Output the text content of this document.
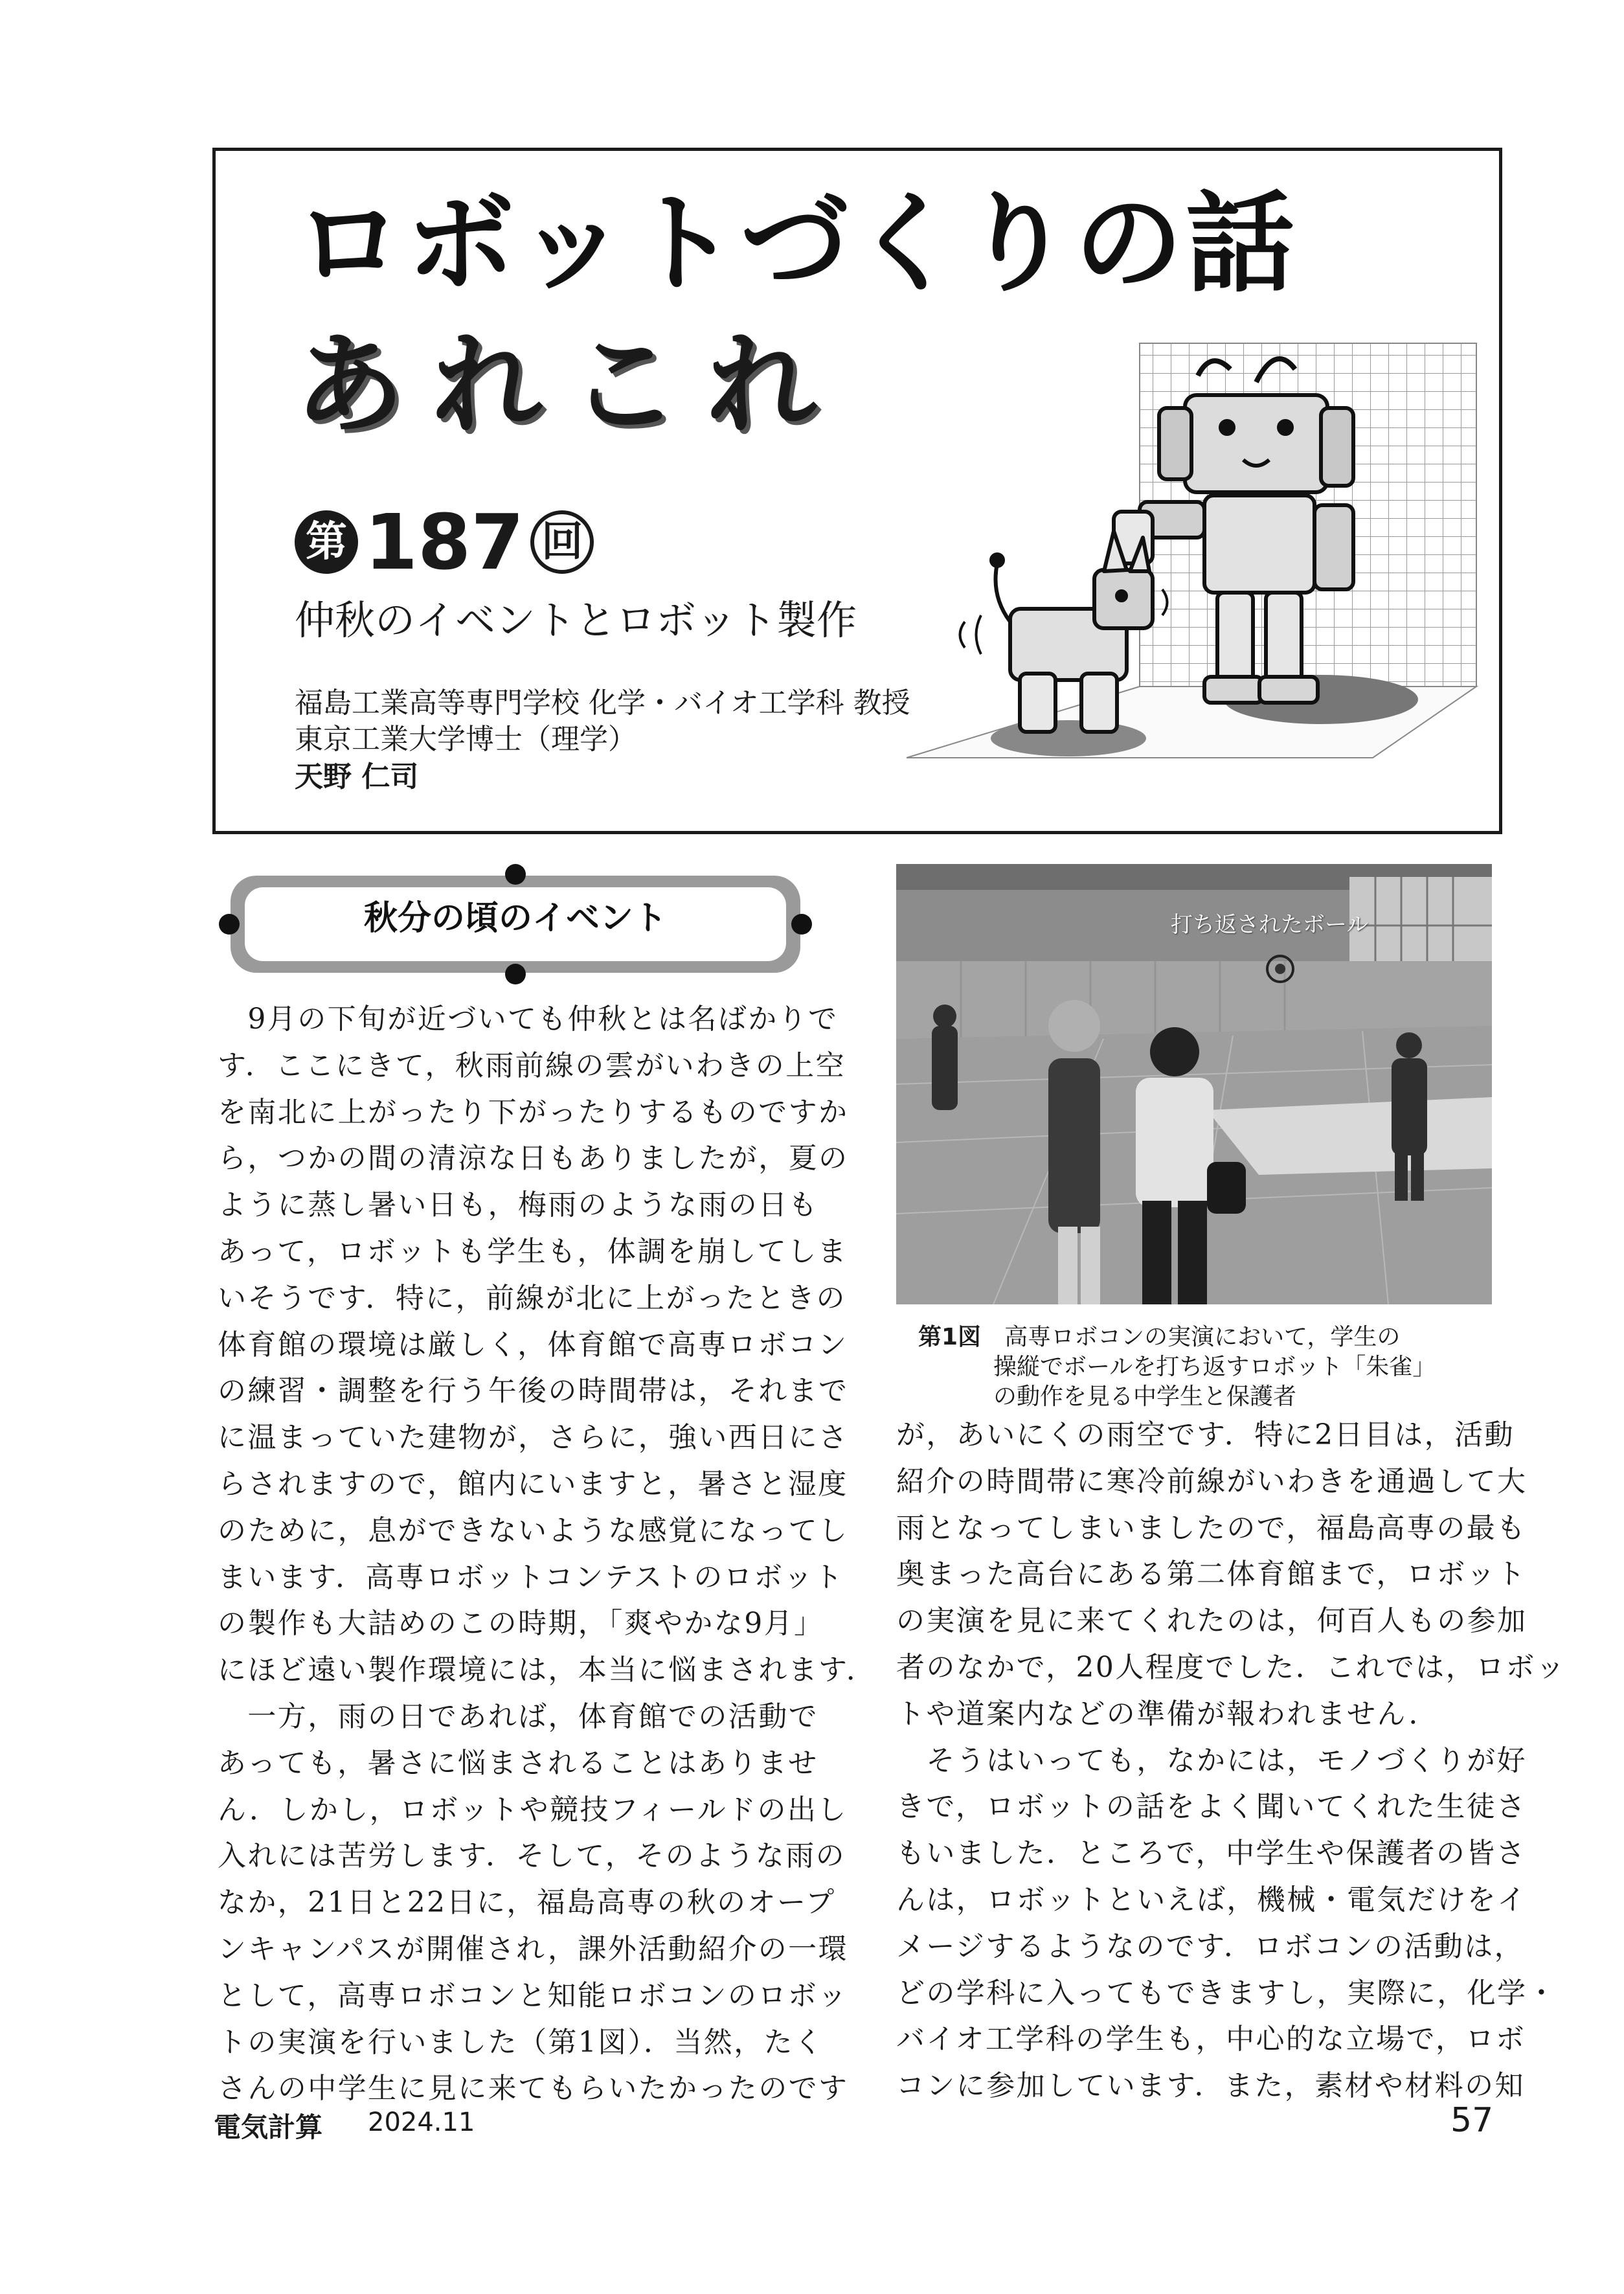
ロボットづくりの話
あれこれ
第 187 回
仲秋のイベントとロボット製作
福島工業高等専門学校 化学・バイオ工学科 教授
東京工業大学博士（理学）
天野 仁司
秋分の頃のイベント

　9月の下旬が近づいても仲秋とは名ばかりで

す．ここにきて，秋雨前線の雲がいわきの上空

を南北に上がったり下がったりするものですか

ら，つかの間の清涼な日もありましたが，夏の

ように蒸し暑い日も，梅雨のような雨の日も

あって，ロボットも学生も，体調を崩してしま

いそうです．特に，前線が北に上がったときの

体育館の環境は厳しく，体育館で高専ロボコン

の練習・調整を行う午後の時間帯は，それまで

に温まっていた建物が，さらに，強い西日にさ

らされますので，館内にいますと，暑さと湿度

のために，息ができないような感覚になってし

まいます．高専ロボットコンテストのロボット

の製作も大詰めのこの時期，「爽やかな9月」

にほど遠い製作環境には，本当に悩まされます．

　一方，雨の日であれば，体育館での活動で

あっても，暑さに悩まされることはありませ

ん．しかし，ロボットや競技フィールドの出し

入れには苦労します．そして，そのような雨の

なか，21日と22日に，福島高専の秋のオープ

ンキャンパスが開催され，課外活動紹介の一環

として，高専ロボコンと知能ロボコンのロボッ

トの実演を行いました（第1図）．当然，たく

さんの中学生に見に来てもらいたかったのです

打ち返されたボール
第1図　 高専ロボコンの実演において，学生の
操縦でボールを打ち返すロボット「朱雀」
の動作を見る中学生と保護者

が，あいにくの雨空です．特に2日目は，活動

紹介の時間帯に寒冷前線がいわきを通過して大

雨となってしまいましたので，福島高専の最も

奥まった高台にある第二体育館まで，ロボット

の実演を見に来てくれたのは，何百人もの参加

者のなかで，20人程度でした．これでは，ロボッ

トや道案内などの準備が報われません．

　そうはいっても，なかには，モノづくりが好

きで，ロボットの話をよく聞いてくれた生徒さ

もいました．ところで，中学生や保護者の皆さ

んは，ロボットといえば，機械・電気だけをイ

メージするようなのです．ロボコンの活動は，

どの学科に入ってもできますし，実際に，化学・

バイオ工学科の学生も，中心的な立場で，ロボ

コンに参加しています．また，素材や材料の知

電気計算 2024.11	57
